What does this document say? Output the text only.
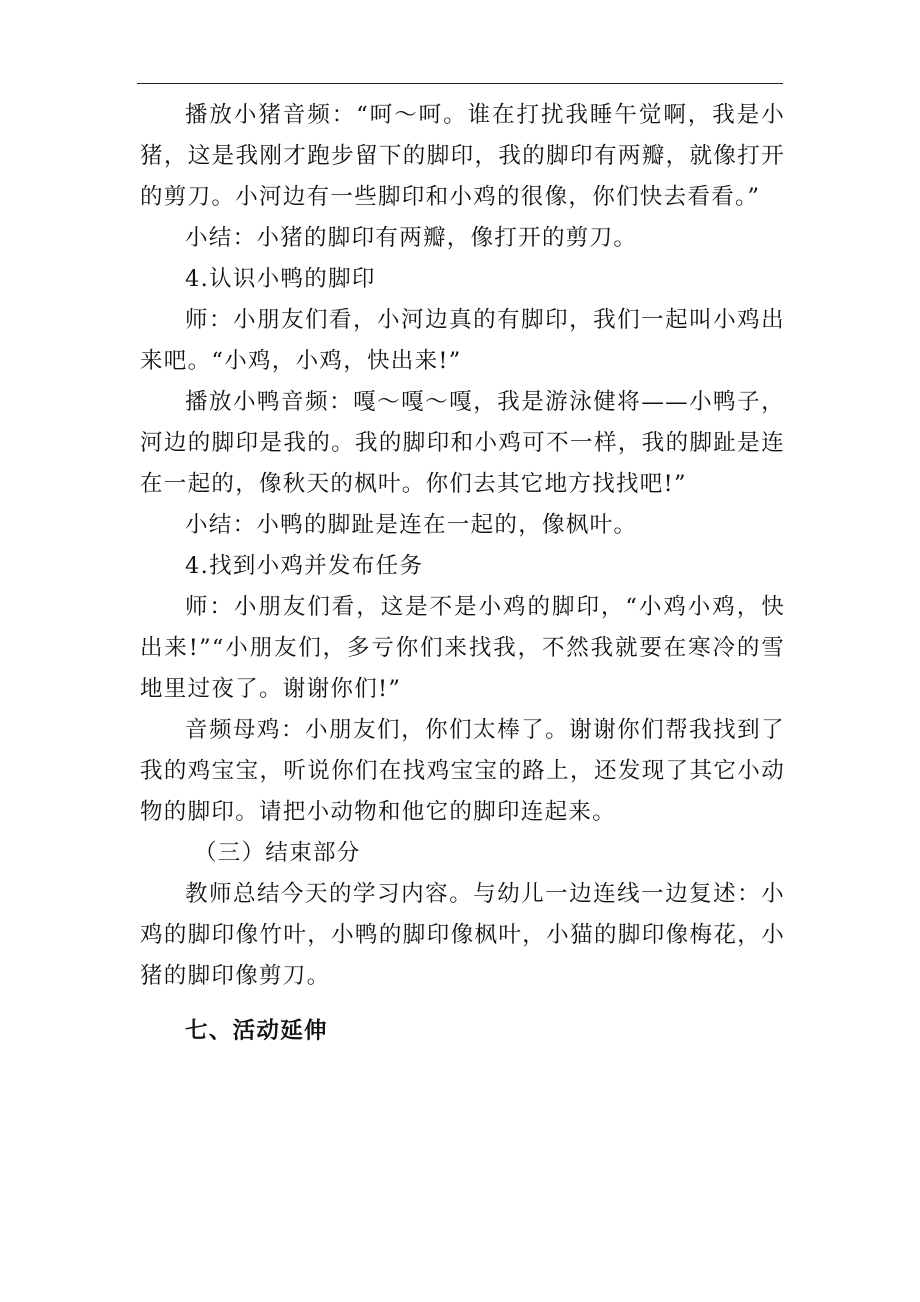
播放小猪音频：“呵～呵。谁在打扰我睡午觉啊，我是小猪，这是我刚才跑步留下的脚印，我的脚印有两瓣，就像打开的剪刀。小河边有一些脚印和小鸡的很像，你们快去看看。”

小结：小猪的脚印有两瓣，像打开的剪刀。

4.认识小鸭的脚印

师：小朋友们看，小河边真的有脚印，我们一起叫小鸡出来吧。“小鸡，小鸡，快出来!”

播放小鸭音频：嘎～嘎～嘎，我是游泳健将——小鸭子，河边的脚印是我的。我的脚印和小鸡可不一样，我的脚趾是连在一起的，像秋天的枫叶。你们去其它地方找找吧!”

小结：小鸭的脚趾是连在一起的，像枫叶。

4.找到小鸡并发布任务

师：小朋友们看，这是不是小鸡的脚印，“小鸡小鸡，快出来!”“小朋友们，多亏你们来找我，不然我就要在寒冷的雪地里过夜了。谢谢你们!”

音频母鸡：小朋友们，你们太棒了。谢谢你们帮我找到了我的鸡宝宝，听说你们在找鸡宝宝的路上，还发现了其它小动物的脚印。请把小动物和他它的脚印连起来。

（三）结束部分

教师总结今天的学习内容。与幼儿一边连线一边复述：小鸡的脚印像竹叶，小鸭的脚印像枫叶，小猫的脚印像梅花，小猪的脚印像剪刀。

七、活动延伸
